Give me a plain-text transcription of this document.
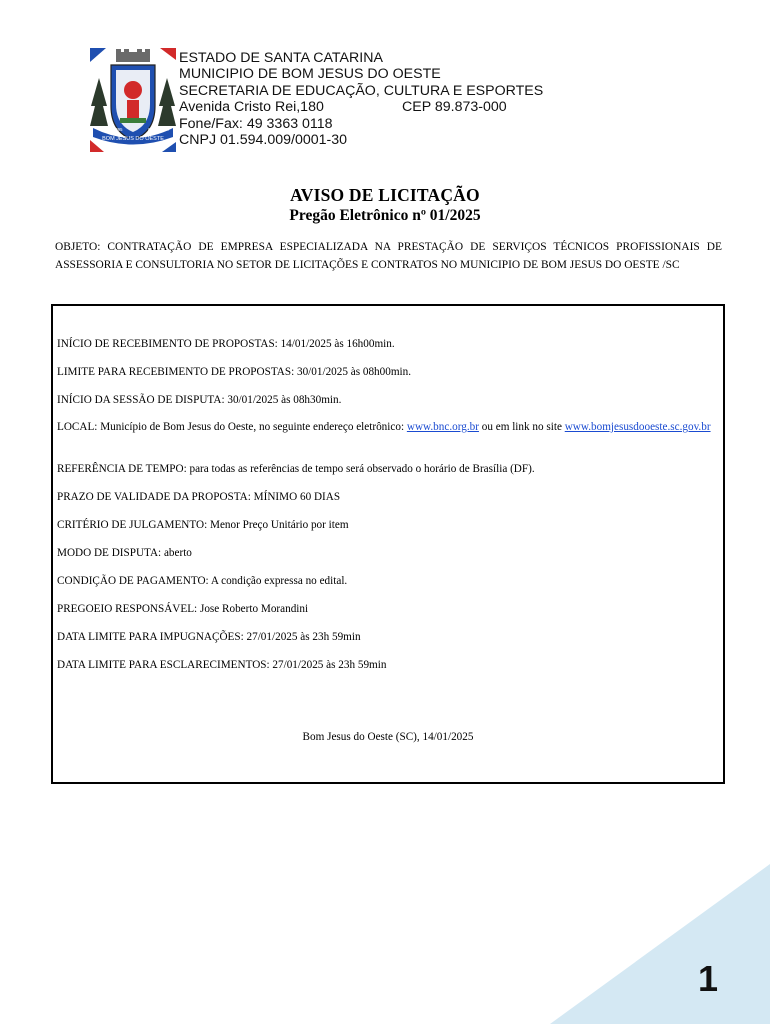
BOM JESUS DO OESTE
14-12-1995	01-01-1997
ESTADO DE SANTA CATARINA
MUNICIPIO DE BOM JESUS DO OESTE
SECRETARIA DE EDUCAÇÃO, CULTURA E ESPORTES
Avenida Cristo Rei,180	CEP 89.873-000
Fone/Fax: 49 3363 0118
CNPJ 01.594.009/0001-30
AVISO DE LICITAÇÃO
Pregão Eletrônico nº 01/2025
OBJETO: CONTRATAÇÃO DE EMPRESA ESPECIALIZADA NA PRESTAÇÃO DE SERVIÇOS TÉCNICOS PROFISSIONAIS DE ASSESSORIA E CONSULTORIA NO SETOR DE LICITAÇÕES E CONTRATOS NO MUNICIPIO DE BOM JESUS DO OESTE /SC
INÍCIO DE RECEBIMENTO DE PROPOSTAS: 14/01/2025 às 16h00min.
LIMITE PARA RECEBIMENTO DE PROPOSTAS: 30/01/2025 às 08h00min.
INÍCIO DA SESSÃO DE DISPUTA: 30/01/2025 às 08h30min.
LOCAL: Município de Bom Jesus do Oeste, no seguinte endereço eletrônico: www.bnc.org.br ou em link no site www.bomjesusdooeste.sc.gov.br
REFERÊNCIA DE TEMPO: para todas as referências de tempo será observado o horário de Brasília (DF).
PRAZO DE VALIDADE DA PROPOSTA: MÍNIMO 60 DIAS
CRITÉRIO DE JULGAMENTO: Menor Preço Unitário por item
MODO DE DISPUTA: aberto
CONDIÇÃO DE PAGAMENTO: A condição expressa no edital.
PREGOEIO RESPONSÁVEL: Jose Roberto Morandini
DATA LIMITE PARA IMPUGNAÇÕES: 27/01/2025 às 23h 59min
DATA LIMITE PARA ESCLARECIMENTOS: 27/01/2025 às 23h 59min
Bom Jesus do Oeste (SC), 14/01/2025
1
